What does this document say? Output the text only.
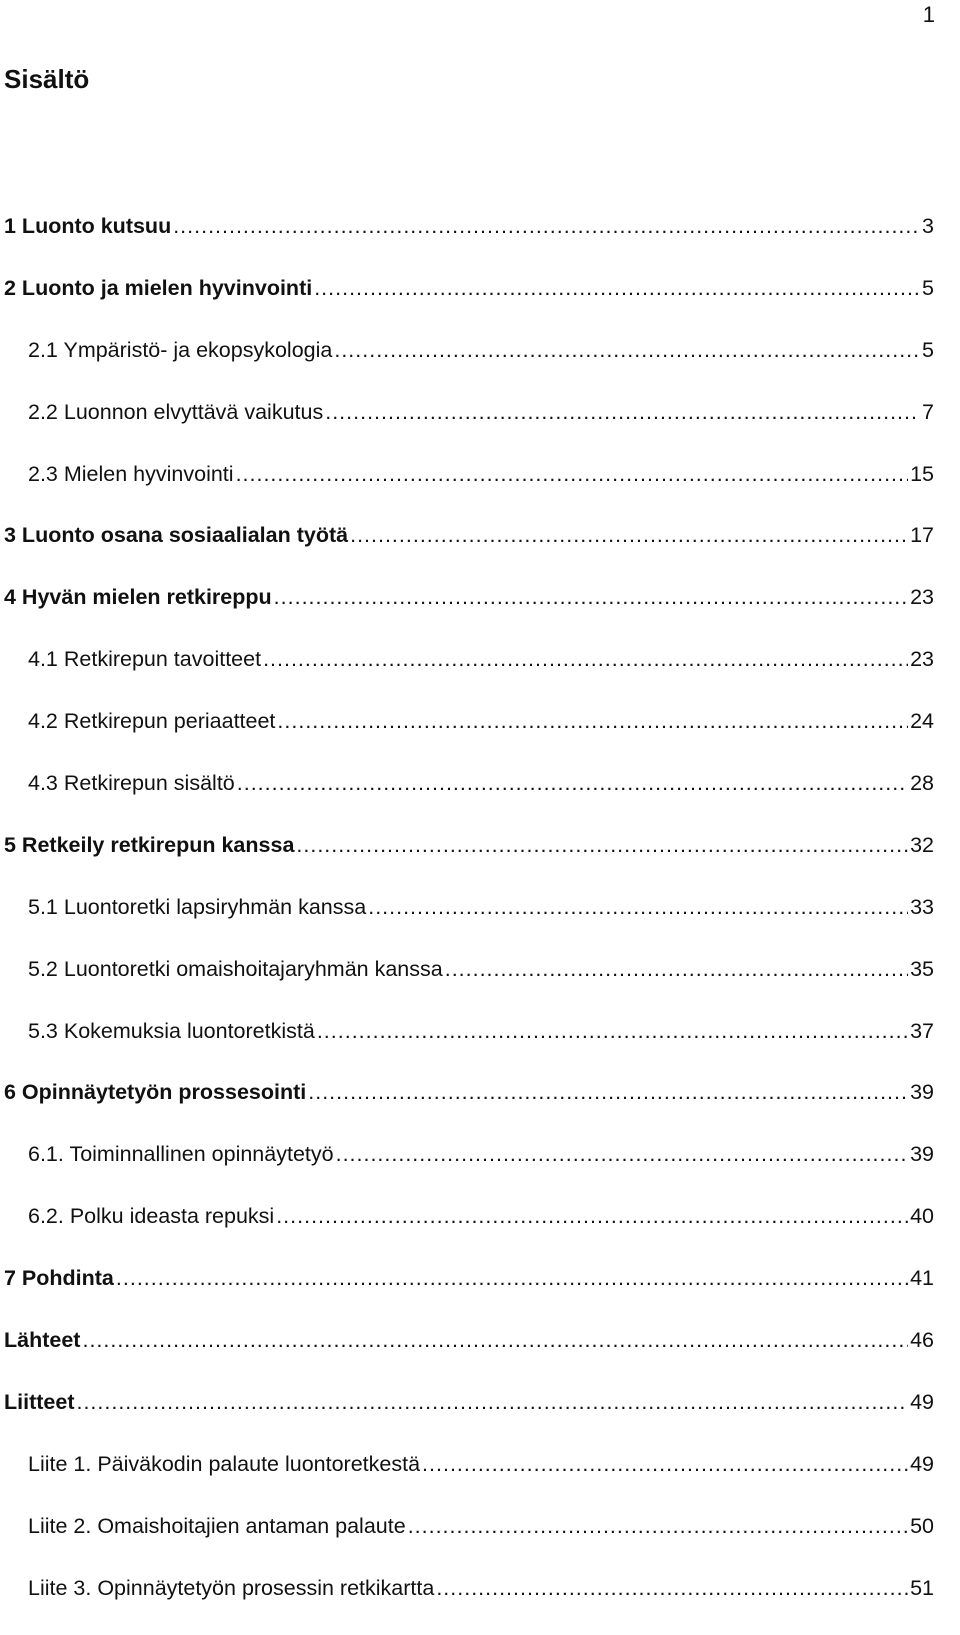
1
Sisältö
1 Luonto kutsuu .....	3
2 Luonto ja mielen hyvinvointi .....	5
2.1 Ympäristö- ja ekopsykologia .....	5
2.2 Luonnon elvyttävä vaikutus .....	7
2.3 Mielen hyvinvointi .....	15
3 Luonto osana sosiaalialan työtä .....	17
4 Hyvän mielen retkireppu .....	23
4.1 Retkirepun tavoitteet .....	23
4.2 Retkirepun periaatteet .....	24
4.3 Retkirepun sisältö .....	28
5 Retkeily retkirepun kanssa .....	32
5.1 Luontoretki lapsiryhmän kanssa .....	33
5.2 Luontoretki omaishoitajaryhmän kanssa .....	35
5.3 Kokemuksia luontoretkistä .....	37
6 Opinnäytetyön prossesointi .....	39
6.1. Toiminnallinen opinnäytetyö .....	39
6.2. Polku ideasta repuksi .....	40
7 Pohdinta .....	41
Lähteet .....	46
Liitteet .....	49
Liite 1. Päiväkodin palaute luontoretkestä .....	49
Liite 2. Omaishoitajien antaman palaute .....	50
Liite 3. Opinnäytetyön prosessin retkikartta .....	51
